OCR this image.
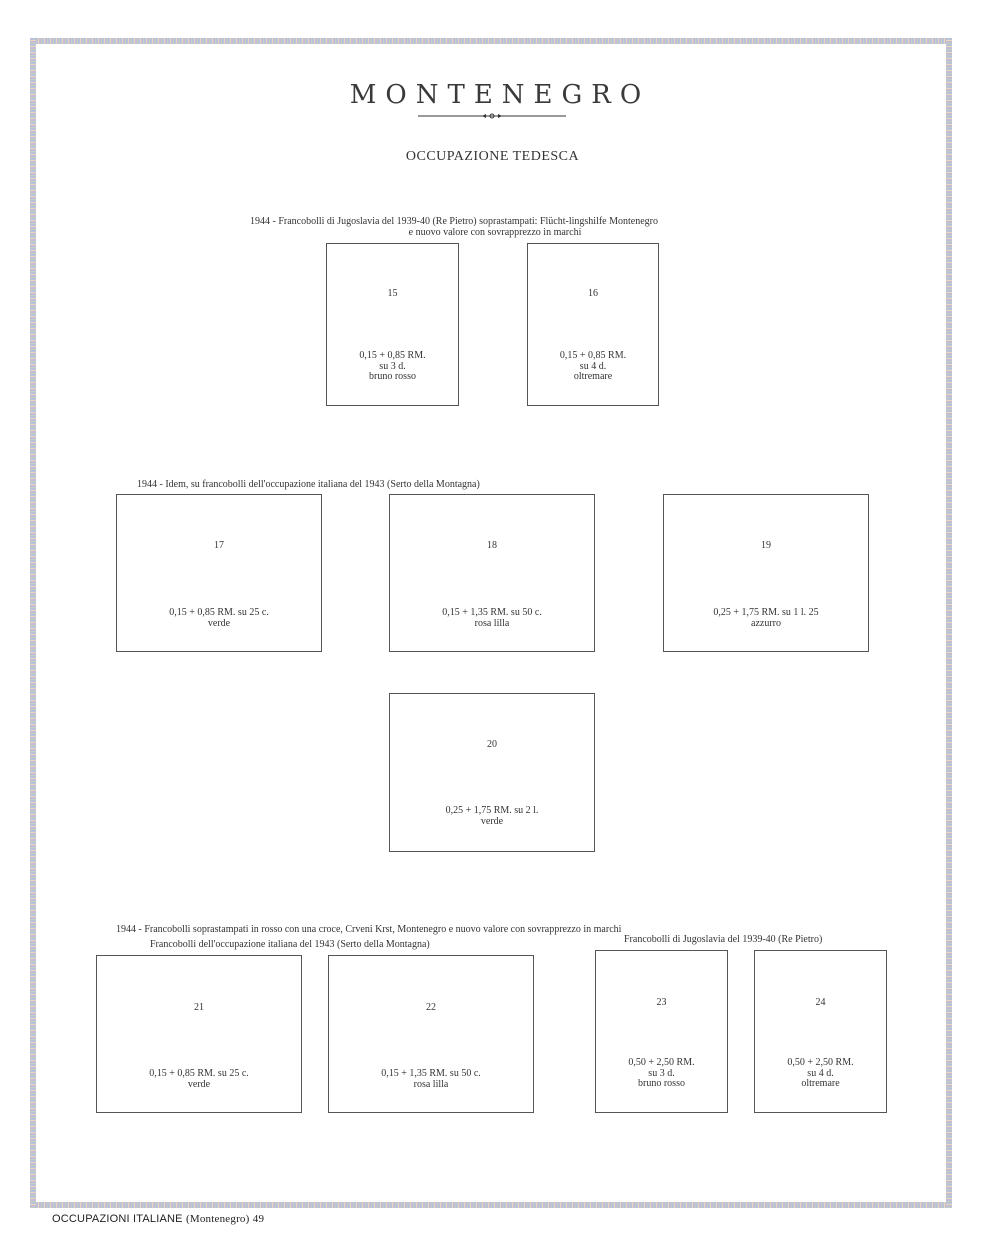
MONTENEGRO
OCCUPAZIONE TEDESCA
1944 - Francobolli di Jugoslavia del 1939-40 (Re Pietro) soprastampati: Flücht-lingshilfe Montenegro
e nuovo valore con sovrapprezzo in marchi
15
0,15 + 0,85 RM.
su 3 d.
bruno rosso
16
0,15 + 0,85 RM.
su 4 d.
oltremare
1944 - Idem, su francobolli dell'occupazione italiana del 1943 (Serto della Montagna)
17
0,15 + 0,85 RM. su 25 c.
verde
18
0,15 + 1,35 RM. su 50 c.
rosa lilla
19
0,25 + 1,75 RM. su 1 l. 25
azzurro
20
0,25 + 1,75 RM. su 2 l.
verde
1944 - Francobolli soprastampati in rosso con una croce, Crveni Krst, Montenegro e nuovo valore con sovrapprezzo in marchi
Francobolli dell'occupazione italiana del 1943 (Serto della Montagna)	Francobolli di Jugoslavia del 1939-40 (Re Pietro)
21
0,15 + 0,85 RM. su 25 c.
verde
22
0,15 + 1,35 RM. su 50 c.
rosa lilla
23
0,50 + 2,50 RM.
su 3 d.
bruno rosso
24
0,50 + 2,50 RM.
su 4 d.
oltremare
OCCUPAZIONI ITALIANE (Montenegro) 49
